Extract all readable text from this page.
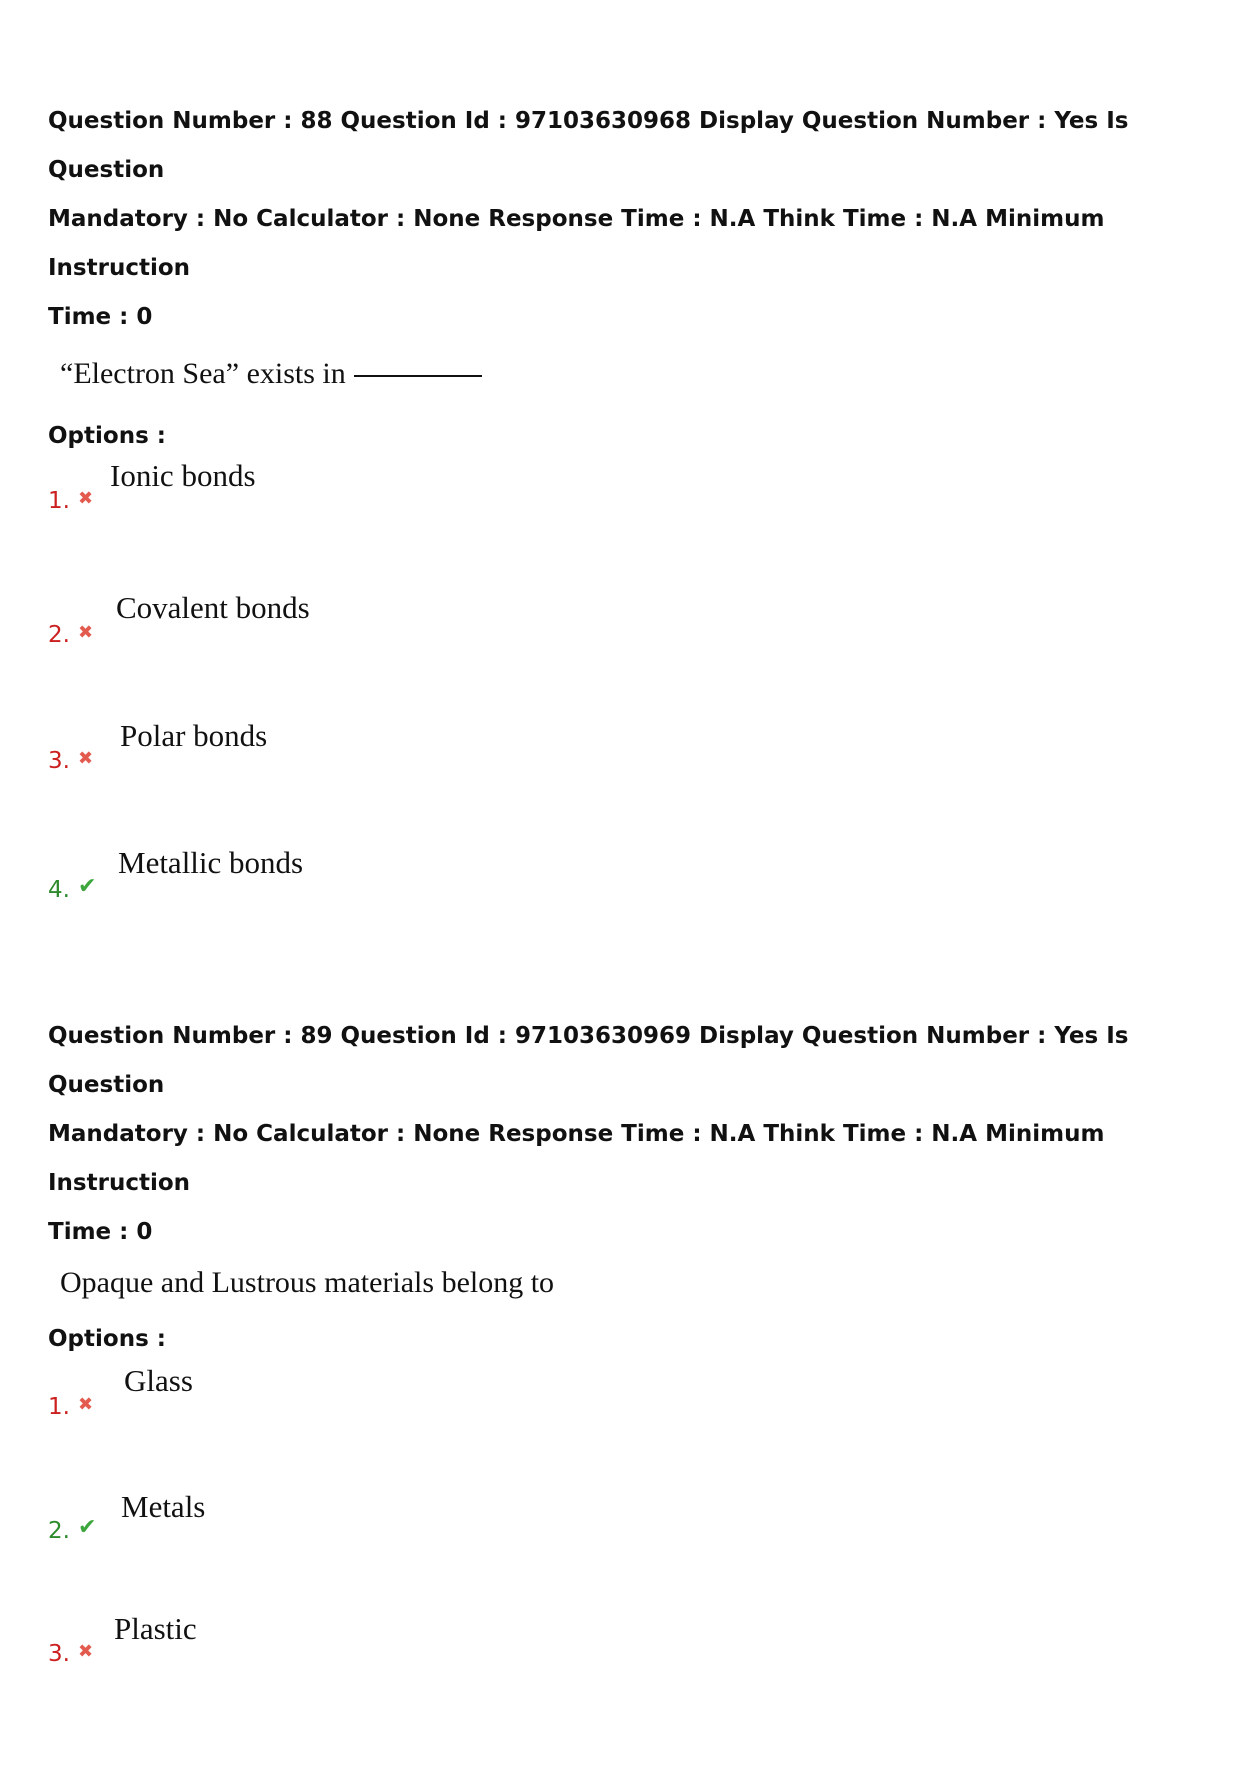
Question Number : 88 Question Id : 97103630968 Display Question Number : Yes Is Question

Mandatory : No Calculator : None Response Time : N.A Think Time : N.A Minimum Instruction

Time : 0

“Electron Sea” exists in

Options :

1. ✖
Ionic bonds
2. ✖
Covalent bonds
3. ✖
Polar bonds
4. ✔
Metallic bonds

Question Number : 89 Question Id : 97103630969 Display Question Number : Yes Is Question

Mandatory : No Calculator : None Response Time : N.A Think Time : N.A Minimum Instruction

Time : 0

Opaque and Lustrous materials belong to

Options :

1. ✖
Glass
2. ✔
Metals
3. ✖
Plastic
